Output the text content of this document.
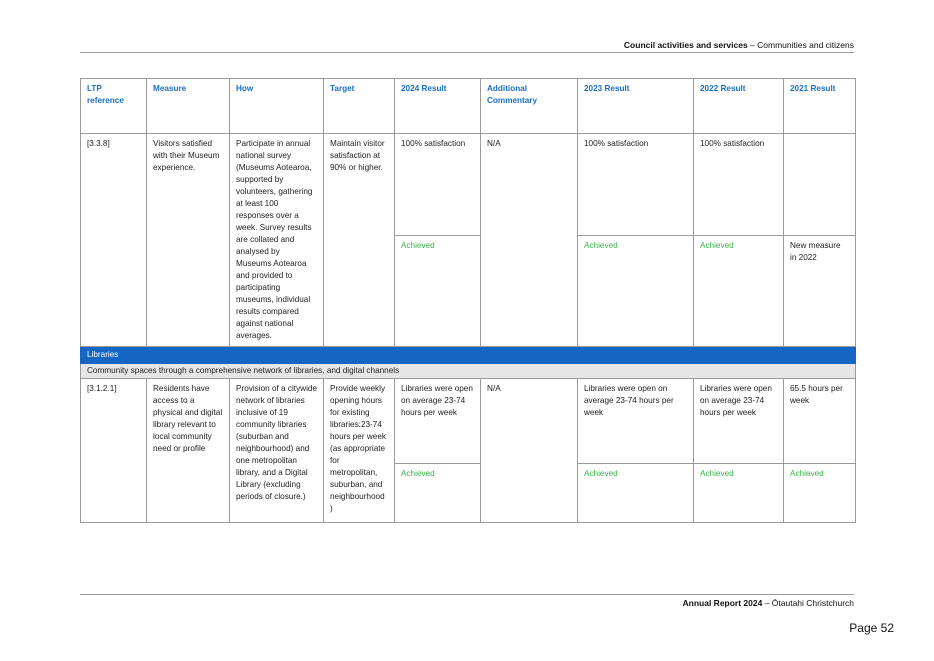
Council activities and services – Communities and citizens
LTP reference	Measure	How	Target	2024 Result	Additional Commentary	2023 Result	2022 Result	2021 Result
[3.3.8]	Visitors satisfied with their Museum experience.	Participate in annual national survey (Museums Aotearoa, supported by volunteers, gathering at least 100 responses over a week. Survey results are collated and analysed by Museums Aotearoa and provided to participating museums, individual results compared against national averages.	Maintain visitor satisfaction at 90% or higher.	100% satisfaction	N/A	100% satisfaction	100% satisfaction	
				Achieved		Achieved	Achieved	New measure in 2022
Libraries								
Community spaces through a comprehensive network of libraries, and digital channels								
[3.1.2.1]	Residents have access to a physical and digital library relevant to local community need or profile	Provision of a citywide network of libraries inclusive of 19 community libraries (suburban and neighbourhood) and one metropolitan library, and a Digital Library (excluding periods of closure.)	Provide weekly opening hours for existing libraries:23-74 hours per week (as appropriate for metropolitan, suburban, and neighbourhood )	Libraries were open on average 23-74 hours per week	N/A	Libraries were open on average 23-74 hours per week	Libraries were open on average 23-74 hours per week	65.5 hours per week
				Achieved		Achieved	Achieved	Achieved
Annual Report 2024 – Ōtautahi Christchurch
Page 52
